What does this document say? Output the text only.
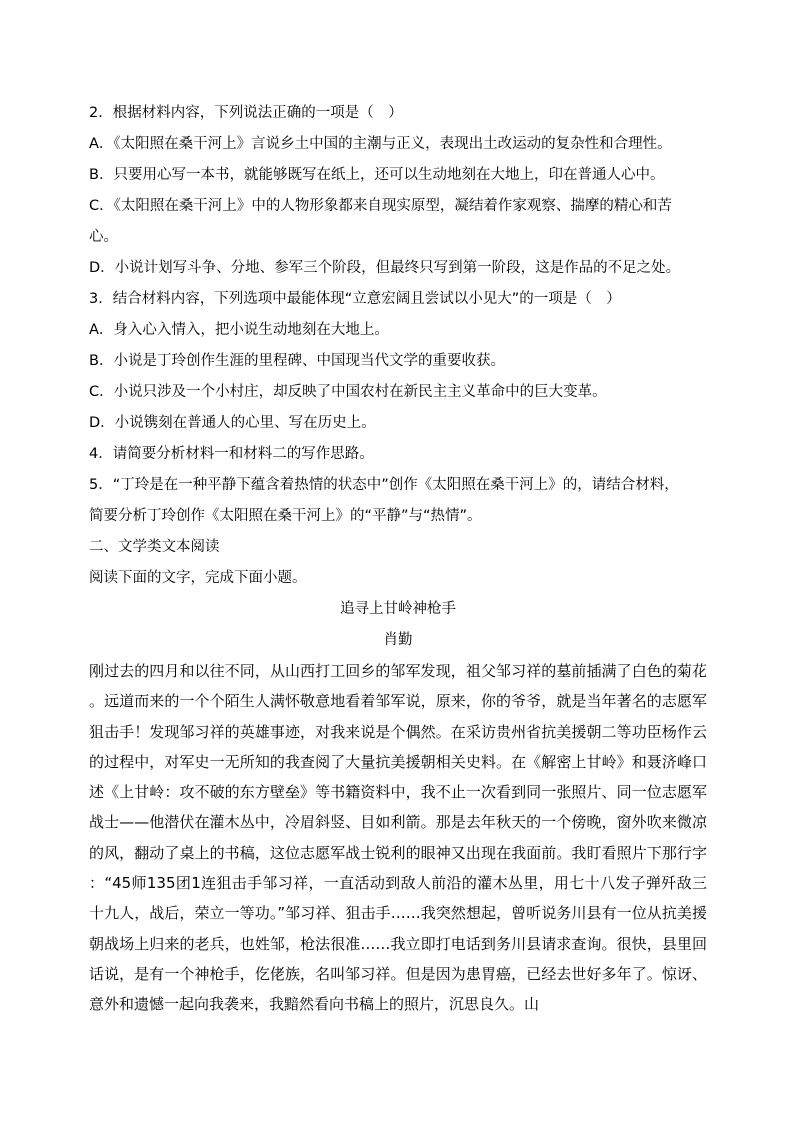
2．根据材料内容，下列说法正确的一项是（　）
A．《太阳照在桑干河上》言说乡土中国的主潮与正义，表现出土改运动的复杂性和合理性。
B．只要用心写一本书，就能够既写在纸上，还可以生动地刻在大地上，印在普通人心中。
C．《太阳照在桑干河上》中的人物形象都来自现实原型，凝结着作家观察、揣摩的精心和苦
心。
D．小说计划写斗争、分地、参军三个阶段，但最终只写到第一阶段，这是作品的不足之处。
3．结合材料内容，下列选项中最能体现“立意宏阔且尝试以小见大”的一项是（　）
A．身入心入情入，把小说生动地刻在大地上。
B．小说是丁玲创作生涯的里程碑、中国现当代文学的重要收获。
C．小说只涉及一个小村庄，却反映了中国农村在新民主主义革命中的巨大变革。
D．小说镌刻在普通人的心里、写在历史上。
4．请简要分析材料一和材料二的写作思路。
5．“丁玲是在一种平静下蕴含着热情的状态中”创作《太阳照在桑干河上》的，请结合材料，
简要分析丁玲创作《太阳照在桑干河上》的“平静”与“热情”。
二、文学类文本阅读
阅读下面的文字，完成下面小题。
追寻上甘岭神枪手
肖勤

刚过去的四月和以往不同，从山西打工回乡的邹军发现，祖父邹习祥的墓前插满了白色的菊花。远道而来的一个个陌生人满怀敬意地看着邹军说，原来，你的爷爷，就是当年著名的志愿军狙击手！发现邹习祥的英雄事迹，对我来说是个偶然。在采访贵州省抗美援朝二等功臣杨作云的过程中，对军史一无所知的我查阅了大量抗美援朝相关史料。在《解密上甘岭》和聂济峰口述《上甘岭：攻不破的东方壁垒》等书籍资料中，我不止一次看到同一张照片、同一位志愿军战士——他潜伏在灌木丛中，冷眉斜竖、目如利箭。那是去年秋天的一个傍晚，窗外吹来微凉的风，翻动了桌上的书稿，这位志愿军战士锐利的眼神又出现在我面前。我盯看照片下那行字：“45师135团1连狙击手邹习祥，一直活动到敌人前沿的灌木丛里，用七十八发子弹歼敌三十九人，战后，荣立一等功。”邹习祥、狙击手……我突然想起，曾听说务川县有一位从抗美援朝战场上归来的老兵，也姓邹，枪法很准……我立即打电话到务川县请求查询。很快，县里回话说，是有一个神枪手，仡佬族，名叫邹习祥。但是因为患胃癌，已经去世好多年了。惊讶、意外和遗憾一起向我袭来，我黯然看向书稿上的照片，沉思良久。山
